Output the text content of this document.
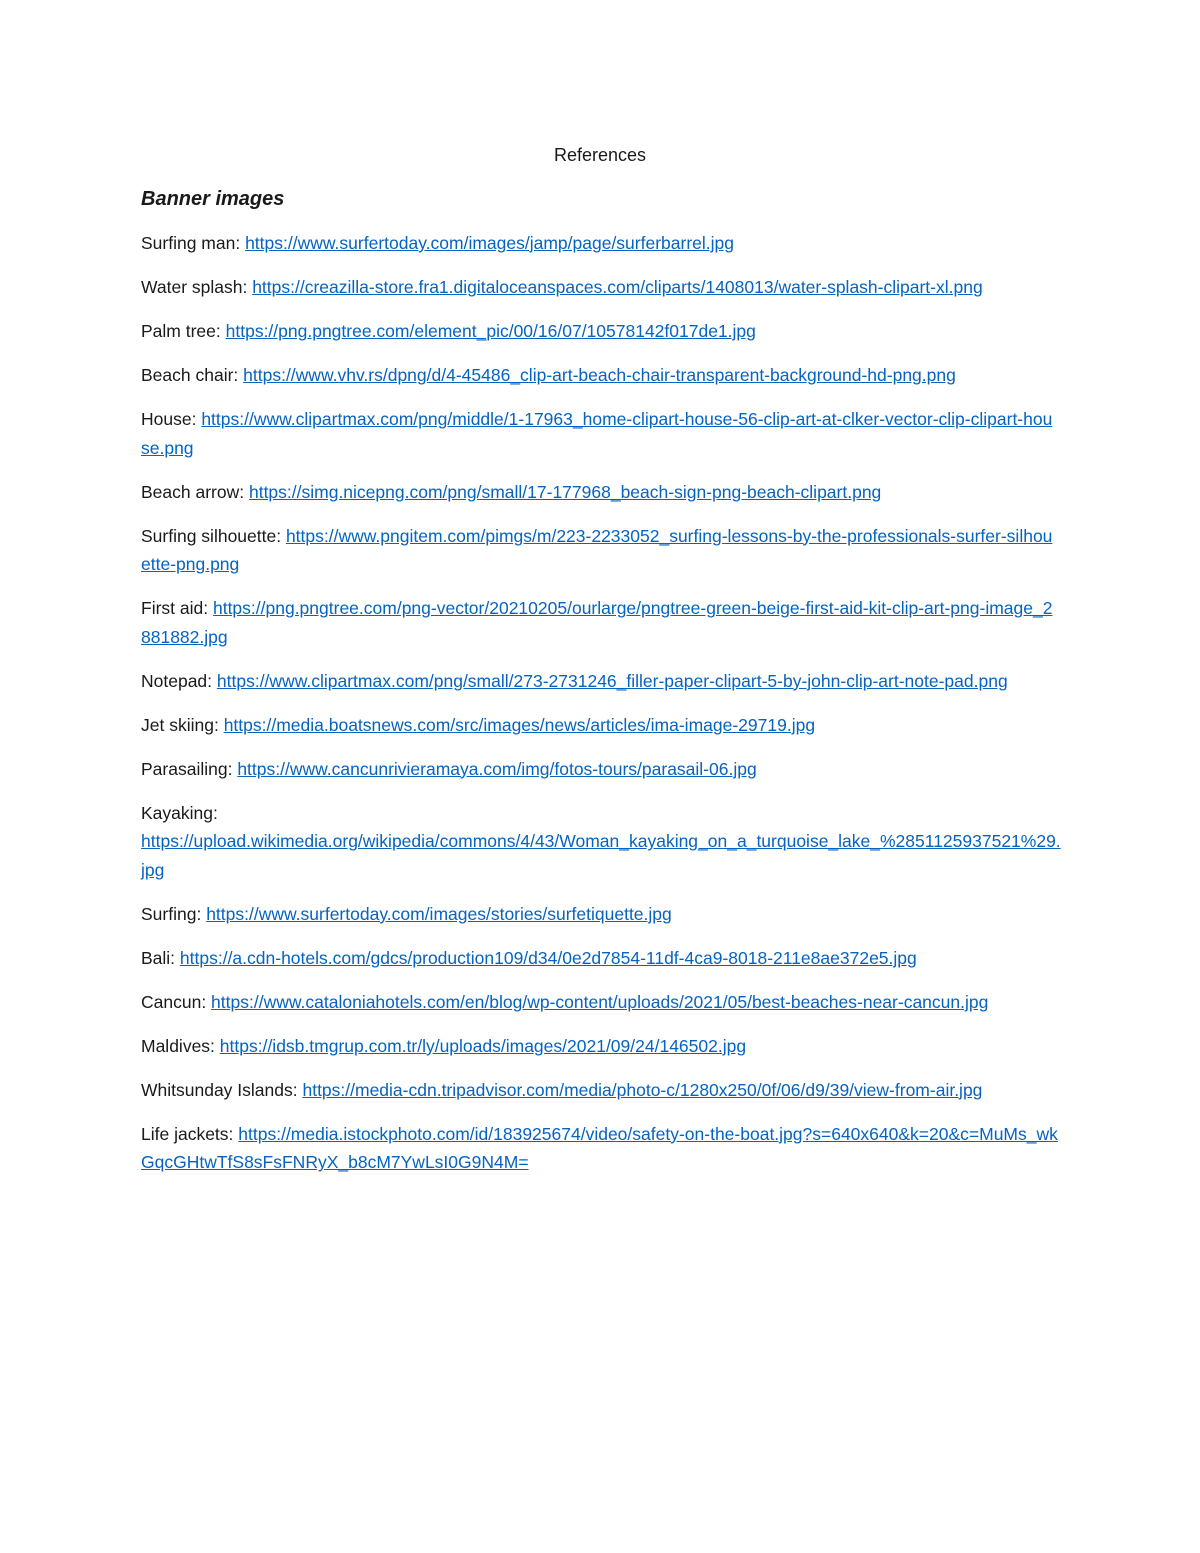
References
Banner images
Surfing man: https://www.surfertoday.com/images/jamp/page/surferbarrel.jpg
Water splash: https://creazilla-store.fra1.digitaloceanspaces.com/cliparts/1408013/water-splash-clipart-xl.png
Palm tree: https://png.pngtree.com/element_pic/00/16/07/10578142f017de1.jpg
Beach chair: https://www.vhv.rs/dpng/d/4-45486_clip-art-beach-chair-transparent-background-hd-png.png
House: https://www.clipartmax.com/png/middle/1-17963_home-clipart-house-56-clip-art-at-clker-vector-clip-clipart-house.png
Beach arrow: https://simg.nicepng.com/png/small/17-177968_beach-sign-png-beach-clipart.png
Surfing silhouette: https://www.pngitem.com/pimgs/m/223-2233052_surfing-lessons-by-the-professionals-surfer-silhouette-png.png
First aid: https://png.pngtree.com/png-vector/20210205/ourlarge/pngtree-green-beige-first-aid-kit-clip-art-png-image_2881882.jpg
Notepad: https://www.clipartmax.com/png/small/273-2731246_filler-paper-clipart-5-by-john-clip-art-note-pad.png
Jet skiing: https://media.boatsnews.com/src/images/news/articles/ima-image-29719.jpg
Parasailing: https://www.cancunrivieramaya.com/img/fotos-tours/parasail-06.jpg
Kayaking:
https://upload.wikimedia.org/wikipedia/commons/4/43/Woman_kayaking_on_a_turquoise_lake_%2851125937521%29.jpg
Surfing: https://www.surfertoday.com/images/stories/surfetiquette.jpg
Bali: https://a.cdn-hotels.com/gdcs/production109/d34/0e2d7854-11df-4ca9-8018-211e8ae372e5.jpg
Cancun: https://www.cataloniahotels.com/en/blog/wp-content/uploads/2021/05/best-beaches-near-cancun.jpg
Maldives: https://idsb.tmgrup.com.tr/ly/uploads/images/2021/09/24/146502.jpg
Whitsunday Islands: https://media-cdn.tripadvisor.com/media/photo-c/1280x250/0f/06/d9/39/view-from-air.jpg
Life jackets: https://media.istockphoto.com/id/183925674/video/safety-on-the-boat.jpg?s=640x640&k=20&c=MuMs_wkGqcGHtwTfS8sFsFNRyX_b8cM7YwLsI0G9N4M=
